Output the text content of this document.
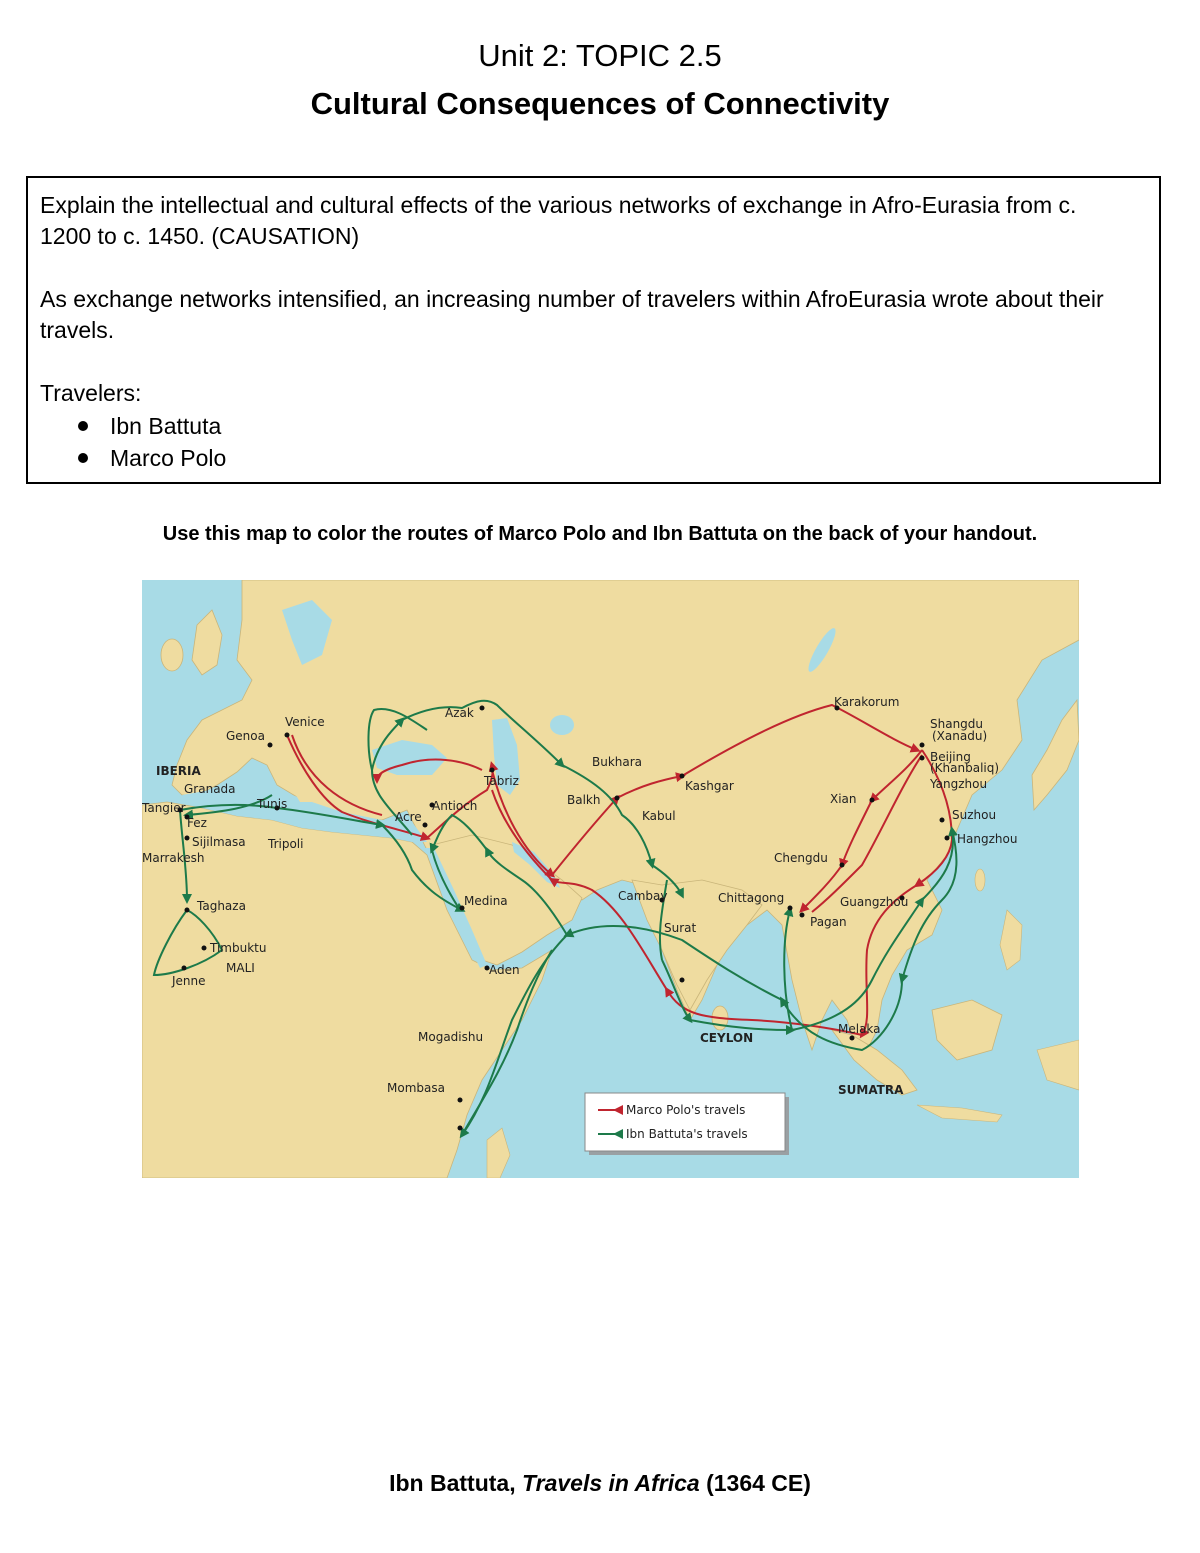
Unit 2: TOPIC 2.5
Cultural Consequences of Connectivity

Explain the intellectual and cultural effects of the various networks of exchange in Afro-Eurasia from c. 1200 to c. 1450. (CAUSATION)

As exchange networks intensified, an increasing number of travelers within AfroEurasia wrote about their travels.

Travelers:

Ibn Battuta
Marco Polo
Use this map to color the routes of Marco Polo and Ibn Battuta on the back of your handout.
Venice
Genoa
IBERIA
Granada
Tangier
Fez
Tunis
Sijilmasa
Marrakesh
Tripoli
Taghaza
Timbuktu
MALI
Jenne
Azak
Tabriz
Antioch
Acre
Bukhara
Balkh
Kashgar
Kabul
Karakorum
Shangdu
(Xanadu)
Beijing
(Khanbaliq)
Yangzhou
Xian
Suzhou
Hangzhou
Chengdu
Medina	Cambay
Surat
Chittagong
Pagan
Guangzhou
Aden
Mogadishu	CEYLON
Melaka
Mombasa	SUMATRA
Marco Polo's travels
Ibn Battuta's travels
Ibn Battuta, Travels in Africa (1364 CE)
